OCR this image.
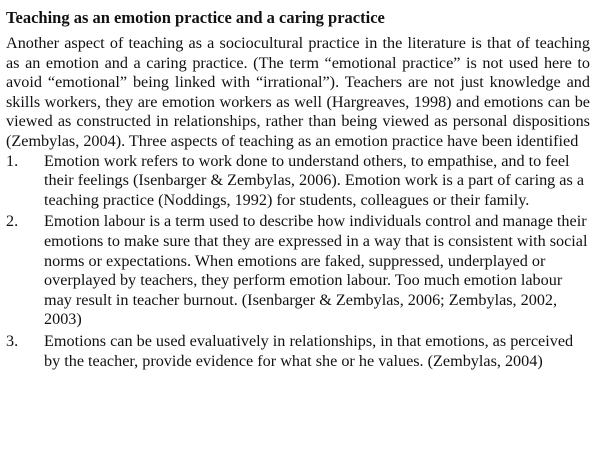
Teaching as an emotion practice and a caring practice

Another aspect of teaching as a sociocultural practice in the literature is that of teaching as an emotion and a caring practice. (The term “emotional practice” is not used here to avoid “emotional” being linked with “irrational”). Teachers are not just knowledge and skills workers, they are emotion workers as well (Hargreaves, 1998) and emotions can be viewed as constructed in relationships, rather than being viewed as personal dispositions (Zembylas, 2004). Three aspects of teaching as an emotion practice have been identified

1.	Emotion work refers to work done to understand others, to empathise, and to feel their feelings (Isenbarger & Zembylas, 2006). Emotion work is a part of caring as a teaching practice (Noddings, 1992) for students, colleagues or their family.
2.	Emotion labour is a term used to describe how individuals control and manage their emotions to make sure that they are expressed in a way that is consistent with social norms or expectations. When emotions are faked, suppressed, underplayed or overplayed by teachers, they perform emotion labour. Too much emotion labour may result in teacher burnout. (Isenbarger & Zembylas, 2006; Zembylas, 2002, 2003)
3.	Emotions can be used evaluatively in relationships, in that emotions, as perceived by the teacher, provide evidence for what she or he values. (Zembylas, 2004)
